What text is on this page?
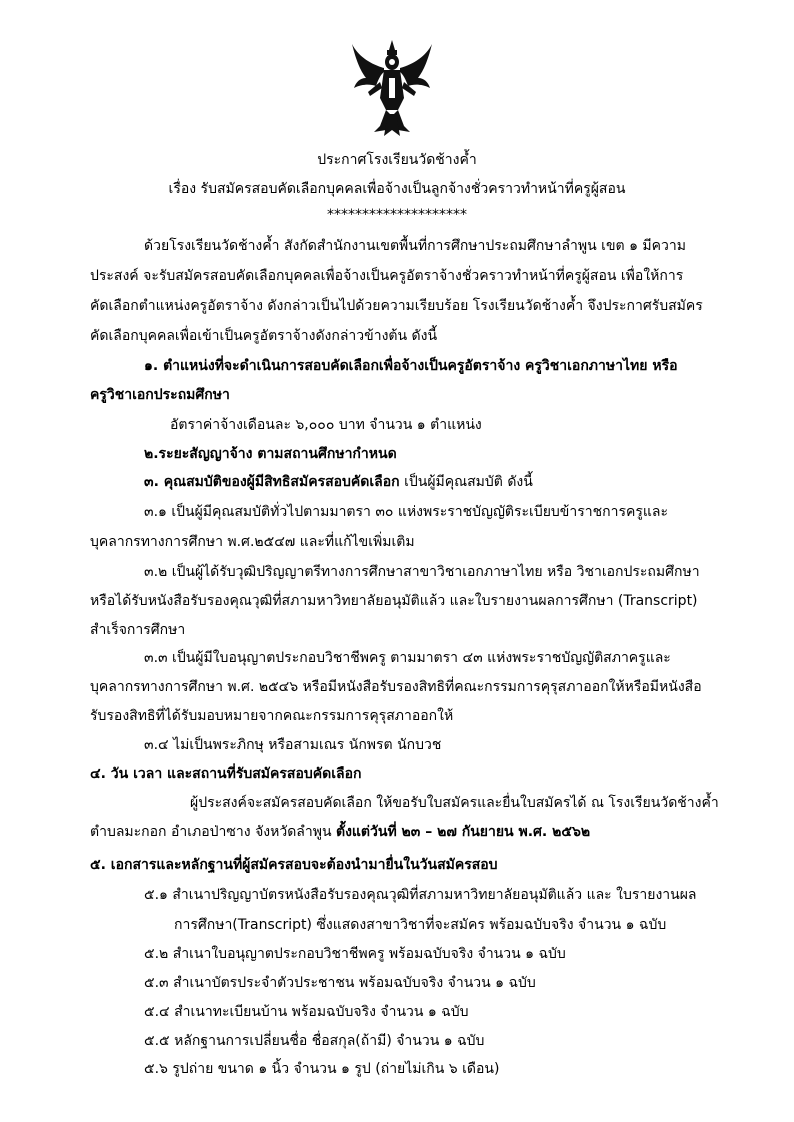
ประกาศโรงเรียนวัดช้างค้ำ
เรื่อง รับสมัครสอบคัดเลือกบุคคลเพื่อจ้างเป็นลูกจ้างชั่วคราวทำหน้าที่ครูผู้สอน
********************
ด้วยโรงเรียนวัดช้างค้ำ สังกัดสำนักงานเขตพื้นที่การศึกษาประถมศึกษาลำพูน เขต ๑ มีความ
ประสงค์ จะรับสมัครสอบคัดเลือกบุคคลเพื่อจ้างเป็นครูอัตราจ้างชั่วคราวทำหน้าที่ครูผู้สอน เพื่อให้การ
คัดเลือกตำแหน่งครูอัตราจ้าง ดังกล่าวเป็นไปด้วยความเรียบร้อย โรงเรียนวัดช้างค้ำ จึงประกาศรับสมัคร
คัดเลือกบุคคลเพื่อเข้าเป็นครูอัตราจ้างดังกล่าวข้างต้น ดังนี้
๑. ตำแหน่งที่จะดำเนินการสอบคัดเลือกเพื่อจ้างเป็นครูอัตราจ้าง ครูวิชาเอกภาษาไทย หรือ
ครูวิชาเอกประถมศึกษา
อัตราค่าจ้างเดือนละ ๖,๐๐๐ บาท จำนวน ๑ ตำแหน่ง
๒.ระยะสัญญาจ้าง ตามสถานศึกษากำหนด
๓. คุณสมบัติของผู้มีสิทธิสมัครสอบคัดเลือก เป็นผู้มีคุณสมบัติ ดังนี้
๓.๑ เป็นผู้มีคุณสมบัติทั่วไปตามมาตรา ๓๐ แห่งพระราชบัญญัติระเบียบข้าราชการครูและ
บุคลากรทางการศึกษา พ.ศ.๒๕๔๗ และที่แก้ไขเพิ่มเติม
๓.๒ เป็นผู้ได้รับวุฒิปริญญาตรีทางการศึกษาสาขาวิชาเอกภาษาไทย หรือ วิชาเอกประถมศึกษา
หรือได้รับหนังสือรับรองคุณวุฒิที่สภามหาวิทยาลัยอนุมัติแล้ว และใบรายงานผลการศึกษา (Transcript)
สำเร็จการศึกษา
๓.๓ เป็นผู้มีใบอนุญาตประกอบวิชาชีพครู ตามมาตรา ๔๓ แห่งพระราชบัญญัติสภาครูและ
บุคลากรทางการศึกษา พ.ศ. ๒๕๔๖ หรือมีหนังสือรับรองสิทธิที่คณะกรรมการคุรุสภาออกให้หรือมีหนังสือ
รับรองสิทธิที่ได้รับมอบหมายจากคณะกรรมการคุรุสภาออกให้
๓.๔ ไม่เป็นพระภิกษุ หรือสามเณร นักพรต นักบวช
๔. วัน เวลา และสถานที่รับสมัครสอบคัดเลือก
ผู้ประสงค์จะสมัครสอบคัดเลือก ให้ขอรับใบสมัครและยื่นใบสมัครได้ ณ โรงเรียนวัดช้างค้ำ
ตำบลมะกอก อำเภอป่าซาง จังหวัดลำพูน ตั้งแต่วันที่ ๒๓ – ๒๗ กันยายน พ.ศ. ๒๕๖๒
๕. เอกสารและหลักฐานที่ผู้สมัครสอบจะต้องนำมายื่นในวันสมัครสอบ
๕.๑ สำเนาปริญญาบัตรหนังสือรับรองคุณวุฒิที่สภามหาวิทยาลัยอนุมัติแล้ว และ ใบรายงานผล
การศึกษา(Transcript) ซึ่งแสดงสาขาวิชาที่จะสมัคร พร้อมฉบับจริง จำนวน ๑ ฉบับ
๕.๒ สำเนาใบอนุญาตประกอบวิชาชีพครู พร้อมฉบับจริง จำนวน ๑ ฉบับ
๕.๓ สำเนาบัตรประจำตัวประชาชน พร้อมฉบับจริง จำนวน ๑ ฉบับ
๕.๔ สำเนาทะเบียนบ้าน พร้อมฉบับจริง จำนวน ๑ ฉบับ
๕.๕ หลักฐานการเปลี่ยนชื่อ ชื่อสกุล(ถ้ามี) จำนวน ๑ ฉบับ
๕.๖ รูปถ่าย ขนาด ๑ นิ้ว จำนวน ๑ รูป (ถ่ายไม่เกิน ๖ เดือน)
